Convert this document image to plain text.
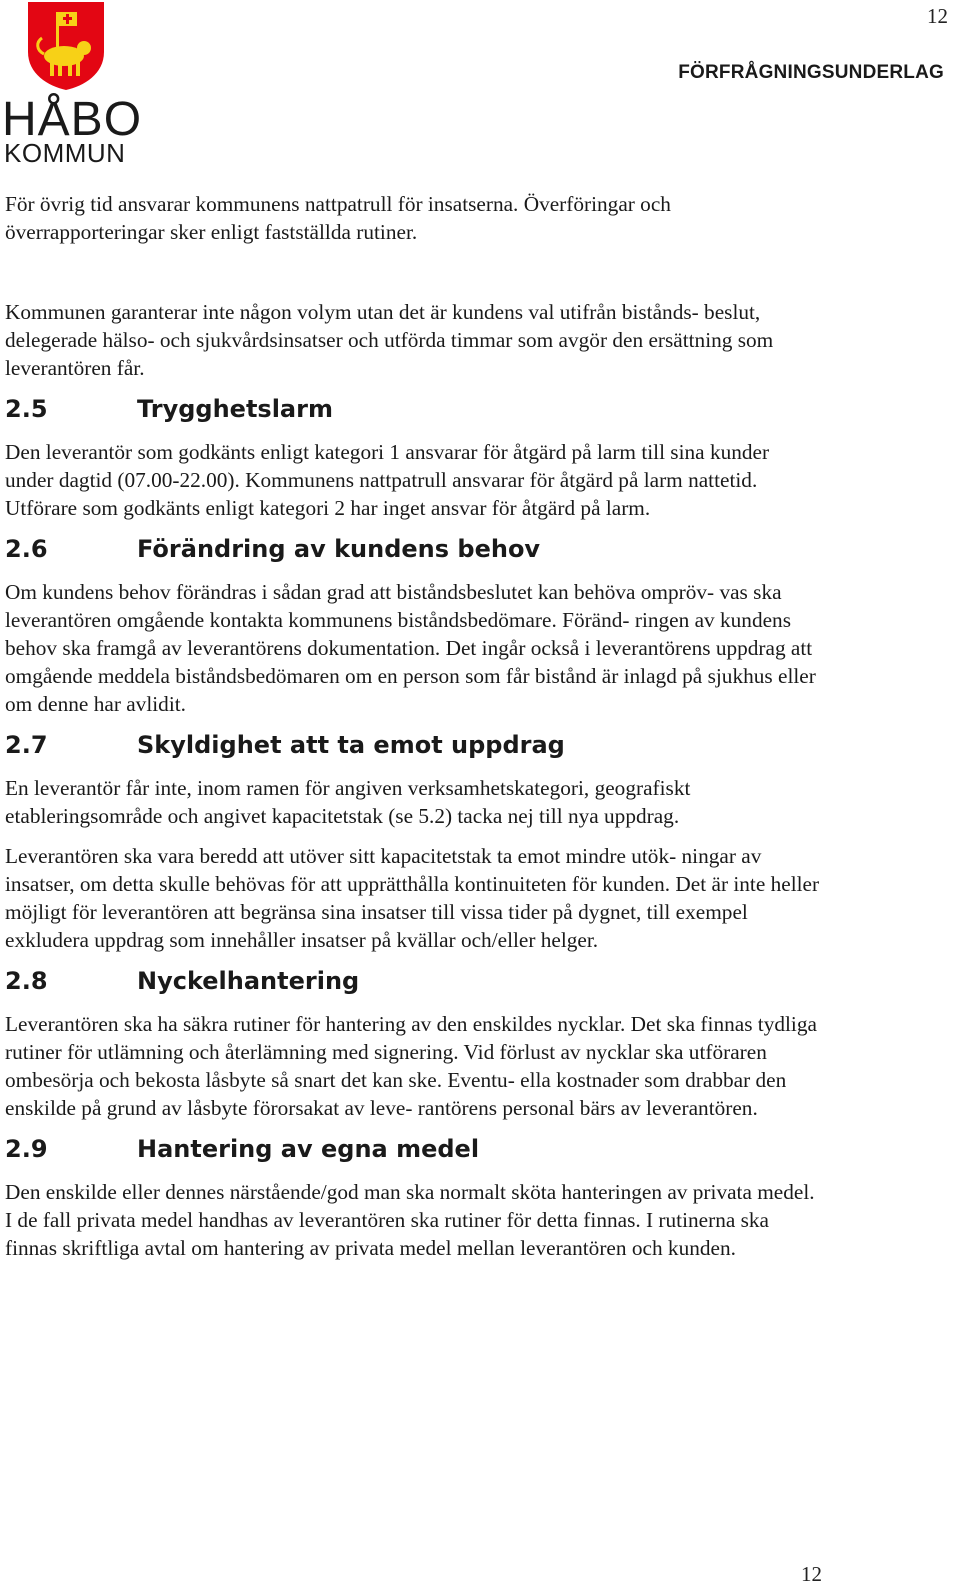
12
FÖRFRÅGNINGSUNDERLAG
HÅBO
KOMMUN

För övrig tid ansvarar kommunens nattpatrull för insatserna. Överföringar och överrapporteringar sker enligt fastställda rutiner.

Kommunen garanterar inte någon volym utan det är kundens val utifrån bistånds- beslut, delegerade hälso- och sjukvårdsinsatser och utförda timmar som avgör den ersättning som leverantören får.

2.5	Trygghetslarm

Den leverantör som godkänts enligt kategori 1 ansvarar för åtgärd på larm till sina kunder under dagtid (07.00-22.00). Kommunens nattpatrull ansvarar för åtgärd på larm nattetid. Utförare som godkänts enligt kategori 2 har inget ansvar för åtgärd på larm.

2.6	Förändring av kundens behov

Om kundens behov förändras i sådan grad att biståndsbeslutet kan behöva ompröv- vas ska leverantören omgående kontakta kommunens biståndsbedömare. Föränd- ringen av kundens behov ska framgå av leverantörens dokumentation. Det ingår också i leverantörens uppdrag att omgående meddela biståndsbedömaren om en person som får bistånd är inlagd på sjukhus eller om denne har avlidit.

2.7	Skyldighet att ta emot uppdrag

En leverantör får inte, inom ramen för angiven verksamhetskategori, geografiskt etableringsområde och angivet kapacitetstak (se 5.2) tacka nej till nya uppdrag.

Leverantören ska vara beredd att utöver sitt kapacitetstak ta emot mindre utök- ningar av insatser, om detta skulle behövas för att upprätthålla kontinuiteten för kunden. Det är inte heller möjligt för leverantören att begränsa sina insatser till vissa tider på dygnet, till exempel exkludera uppdrag som innehåller insatser på kvällar och/eller helger.

2.8	Nyckelhantering

Leverantören ska ha säkra rutiner för hantering av den enskildes nycklar. Det ska finnas tydliga rutiner för utlämning och återlämning med signering. Vid förlust av nycklar ska utföraren ombesörja och bekosta låsbyte så snart det kan ske. Eventu- ella kostnader som drabbar den enskilde på grund av låsbyte förorsakat av leve- rantörens personal bärs av leverantören.

2.9	Hantering av egna medel

Den enskilde eller dennes närstående/god man ska normalt sköta hanteringen av privata medel. I de fall privata medel handhas av leverantören ska rutiner för detta finnas. I rutinerna ska finnas skriftliga avtal om hantering av privata medel mellan leverantören och kunden.

12
